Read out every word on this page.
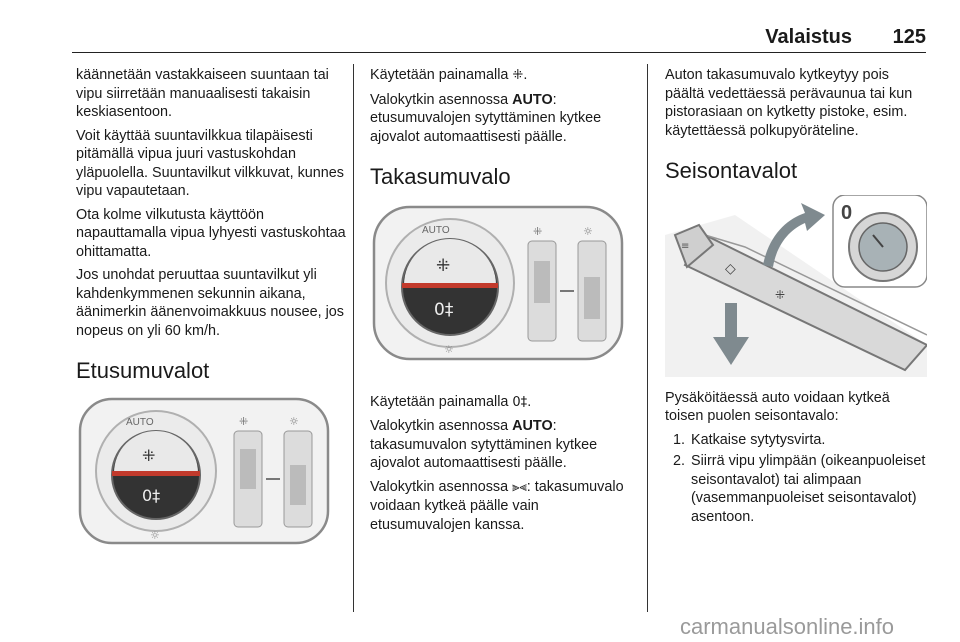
Valaistus 125

käännetään vastakkaiseen suuntaan tai vipu siirretään manuaalisesti takaisin keskiasentoon.

Voit käyttää suuntavilkkua tilapäisesti pitämällä vipua juuri vastuskohdan yläpuolella. Suuntavilkut vilkkuvat, kunnes vipu vapautetaan.

Ota kolme vilkutusta käyttöön napauttamalla vipua lyhyesti vastuskohtaa ohittamatta.

Jos unohdat peruuttaa suuntavilkut yli kahdenkymmenen sekunnin aikana, äänimerkin äänenvoimakkuus nousee, jos nopeus on yli 60 km/h.

Etusumuvalot
AUTO
⁜
0‡
☼
⁜	☼

Käytetään painamalla ⁜.

Valokytkin asennossa AUTO: etusumuvalojen sytyttäminen kytkee ajovalot automaattisesti päälle.

Takasumuvalo
AUTO
⁜
0‡
☼
⁜	☼

Käytetään painamalla 0‡.

Valokytkin asennossa AUTO: takasumuvalon sytyttäminen kytkee ajovalot automaattisesti päälle.

Valokytkin asennossa ⫸⫷: takasumuvalo voidaan kytkeä päälle vain etusumuvalojen kanssa.

Auton takasumuvalo kytkeytyy pois päältä vedettäessä perävaunua tai kun pistorasiaan on kytketty pistoke, esim. käytettäessä polkupyöräteline.

Seisontavalot
≡
◇
⁜
0

Pysäköitäessä auto voidaan kytkeä toisen puolen seisontavalo:

1. Katkaise sytytysvirta.
2. Siirrä vipu ylimpään (oikeanpuoleiset seisontavalot) tai alimpaan (vasemmanpuoleiset seisontavalot) asentoon.
carmanualsonline.info
